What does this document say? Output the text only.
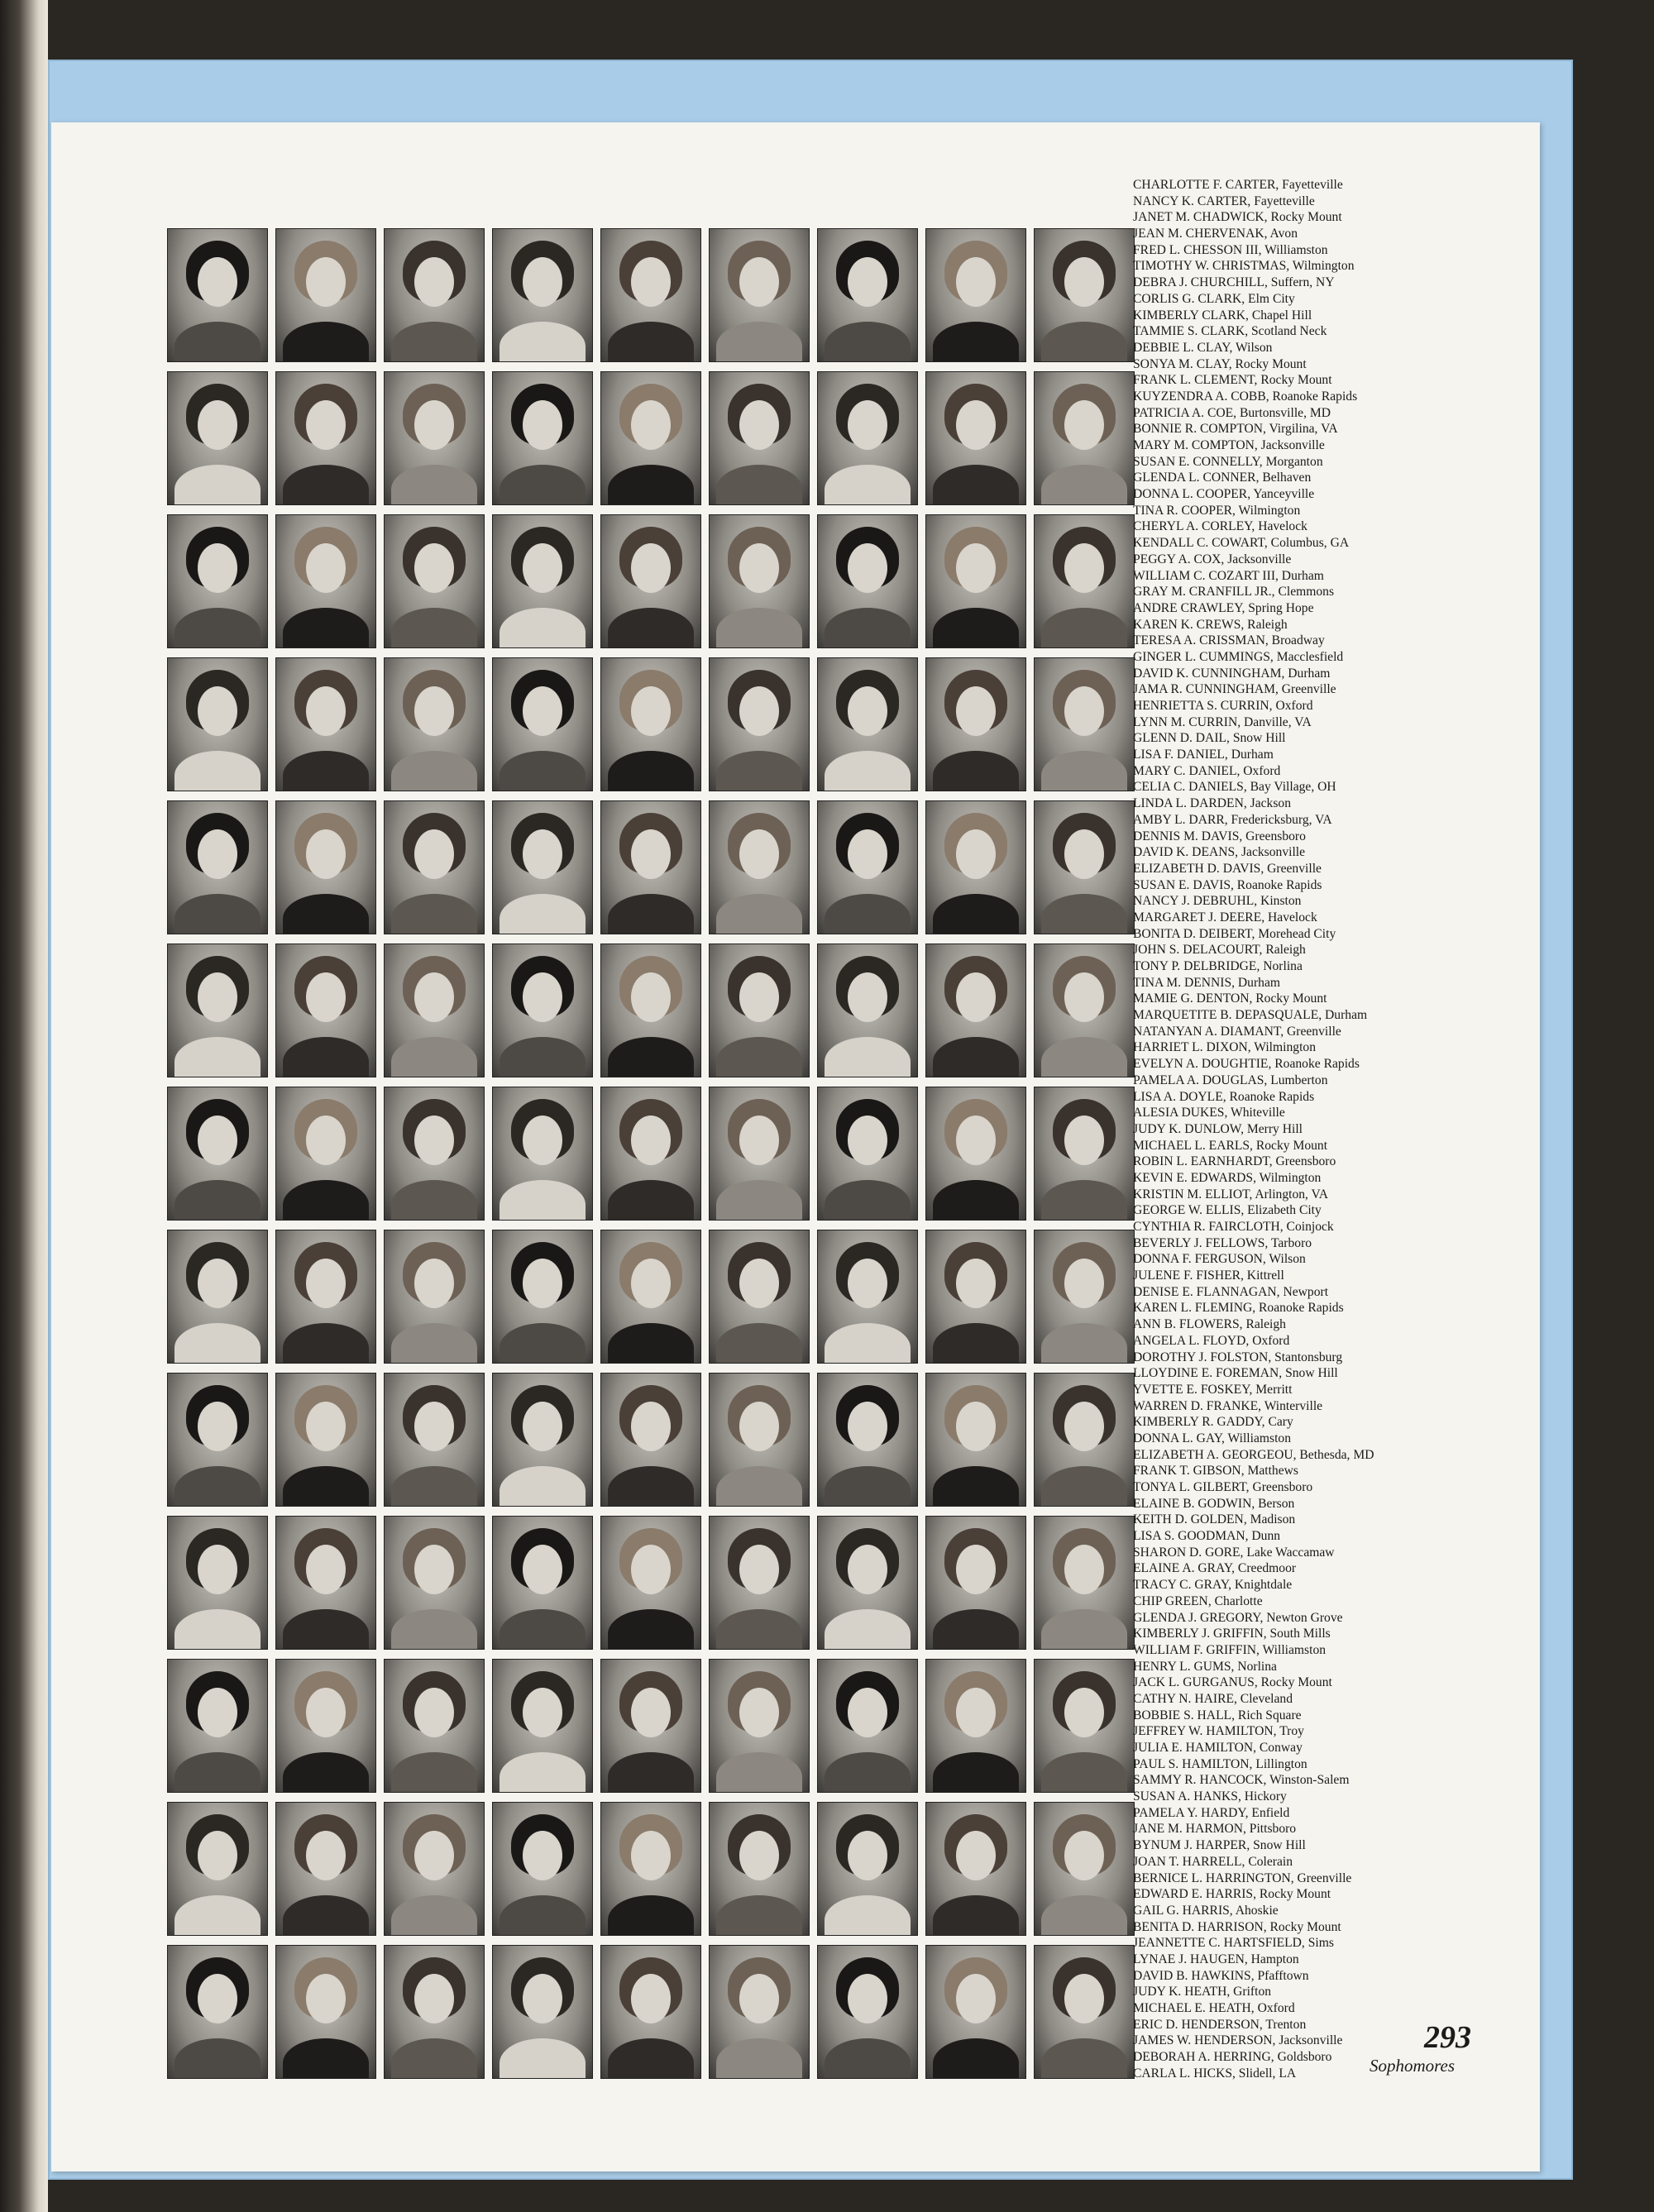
CHARLOTTE F. CARTER, Fayetteville
NANCY K. CARTER, Fayetteville
JANET M. CHADWICK, Rocky Mount
JEAN M. CHERVENAK, Avon
FRED L. CHESSON III, Williamston
TIMOTHY W. CHRISTMAS, Wilmington
DEBRA J. CHURCHILL, Suffern, NY
CORLIS G. CLARK, Elm City
KIMBERLY CLARK, Chapel Hill
TAMMIE S. CLARK, Scotland Neck
DEBBIE L. CLAY, Wilson
SONYA M. CLAY, Rocky Mount
FRANK L. CLEMENT, Rocky Mount
KUYZENDRA A. COBB, Roanoke Rapids
PATRICIA A. COE, Burtonsville, MD
BONNIE R. COMPTON, Virgilina, VA
MARY M. COMPTON, Jacksonville
SUSAN E. CONNELLY, Morganton
GLENDA L. CONNER, Belhaven
DONNA L. COOPER, Yanceyville
TINA R. COOPER, Wilmington
CHERYL A. CORLEY, Havelock
KENDALL C. COWART, Columbus, GA
PEGGY A. COX, Jacksonville
WILLIAM C. COZART III, Durham
GRAY M. CRANFILL JR., Clemmons
ANDRE CRAWLEY, Spring Hope
KAREN K. CREWS, Raleigh
TERESA A. CRISSMAN, Broadway
GINGER L. CUMMINGS, Macclesfield
DAVID K. CUNNINGHAM, Durham
JAMA R. CUNNINGHAM, Greenville
HENRIETTA S. CURRIN, Oxford
LYNN M. CURRIN, Danville, VA
GLENN D. DAIL, Snow Hill
LISA F. DANIEL, Durham
MARY C. DANIEL, Oxford
CELIA C. DANIELS, Bay Village, OH
LINDA L. DARDEN, Jackson
AMBY L. DARR, Fredericksburg, VA
DENNIS M. DAVIS, Greensboro
DAVID K. DEANS, Jacksonville
ELIZABETH D. DAVIS, Greenville
SUSAN E. DAVIS, Roanoke Rapids
NANCY J. DEBRUHL, Kinston
MARGARET J. DEERE, Havelock
BONITA D. DEIBERT, Morehead City
JOHN S. DELACOURT, Raleigh
TONY P. DELBRIDGE, Norlina
TINA M. DENNIS, Durham
MAMIE G. DENTON, Rocky Mount
MARQUETITE B. DEPASQUALE, Durham
NATANYAN A. DIAMANT, Greenville
HARRIET L. DIXON, Wilmington
EVELYN A. DOUGHTIE, Roanoke Rapids
PAMELA A. DOUGLAS, Lumberton
LISA A. DOYLE, Roanoke Rapids
ALESIA DUKES, Whiteville
JUDY K. DUNLOW, Merry Hill
MICHAEL L. EARLS, Rocky Mount
ROBIN L. EARNHARDT, Greensboro
KEVIN E. EDWARDS, Wilmington
KRISTIN M. ELLIOT, Arlington, VA
GEORGE W. ELLIS, Elizabeth City
CYNTHIA R. FAIRCLOTH, Coinjock
BEVERLY J. FELLOWS, Tarboro
DONNA F. FERGUSON, Wilson
JULENE F. FISHER, Kittrell
DENISE E. FLANNAGAN, Newport
KAREN L. FLEMING, Roanoke Rapids
ANN B. FLOWERS, Raleigh
ANGELA L. FLOYD, Oxford
DOROTHY J. FOLSTON, Stantonsburg
LLOYDINE E. FOREMAN, Snow Hill
YVETTE E. FOSKEY, Merritt
WARREN D. FRANKE, Winterville
KIMBERLY R. GADDY, Cary
DONNA L. GAY, Williamston
ELIZABETH A. GEORGEOU, Bethesda, MD
FRANK T. GIBSON, Matthews
TONYA L. GILBERT, Greensboro
ELAINE B. GODWIN, Berson
KEITH D. GOLDEN, Madison
LISA S. GOODMAN, Dunn
SHARON D. GORE, Lake Waccamaw
ELAINE A. GRAY, Creedmoor
TRACY C. GRAY, Knightdale
CHIP GREEN, Charlotte
GLENDA J. GREGORY, Newton Grove
KIMBERLY J. GRIFFIN, South Mills
WILLIAM F. GRIFFIN, Williamston
HENRY L. GUMS, Norlina
JACK L. GURGANUS, Rocky Mount
CATHY N. HAIRE, Cleveland
BOBBIE S. HALL, Rich Square
JEFFREY W. HAMILTON, Troy
JULIA E. HAMILTON, Conway
PAUL S. HAMILTON, Lillington
SAMMY R. HANCOCK, Winston-Salem
SUSAN A. HANKS, Hickory
PAMELA Y. HARDY, Enfield
JANE M. HARMON, Pittsboro
BYNUM J. HARPER, Snow Hill
JOAN T. HARRELL, Colerain
BERNICE L. HARRINGTON, Greenville
EDWARD E. HARRIS, Rocky Mount
GAIL G. HARRIS, Ahoskie
BENITA D. HARRISON, Rocky Mount
JEANNETTE C. HARTSFIELD, Sims
LYNAE J. HAUGEN, Hampton
DAVID B. HAWKINS, Pfafftown
JUDY K. HEATH, Grifton
MICHAEL E. HEATH, Oxford
ERIC D. HENDERSON, Trenton
JAMES W. HENDERSON, Jacksonville
DEBORAH A. HERRING, Goldsboro
CARLA L. HICKS, Slidell, LA
293
Sophomores
